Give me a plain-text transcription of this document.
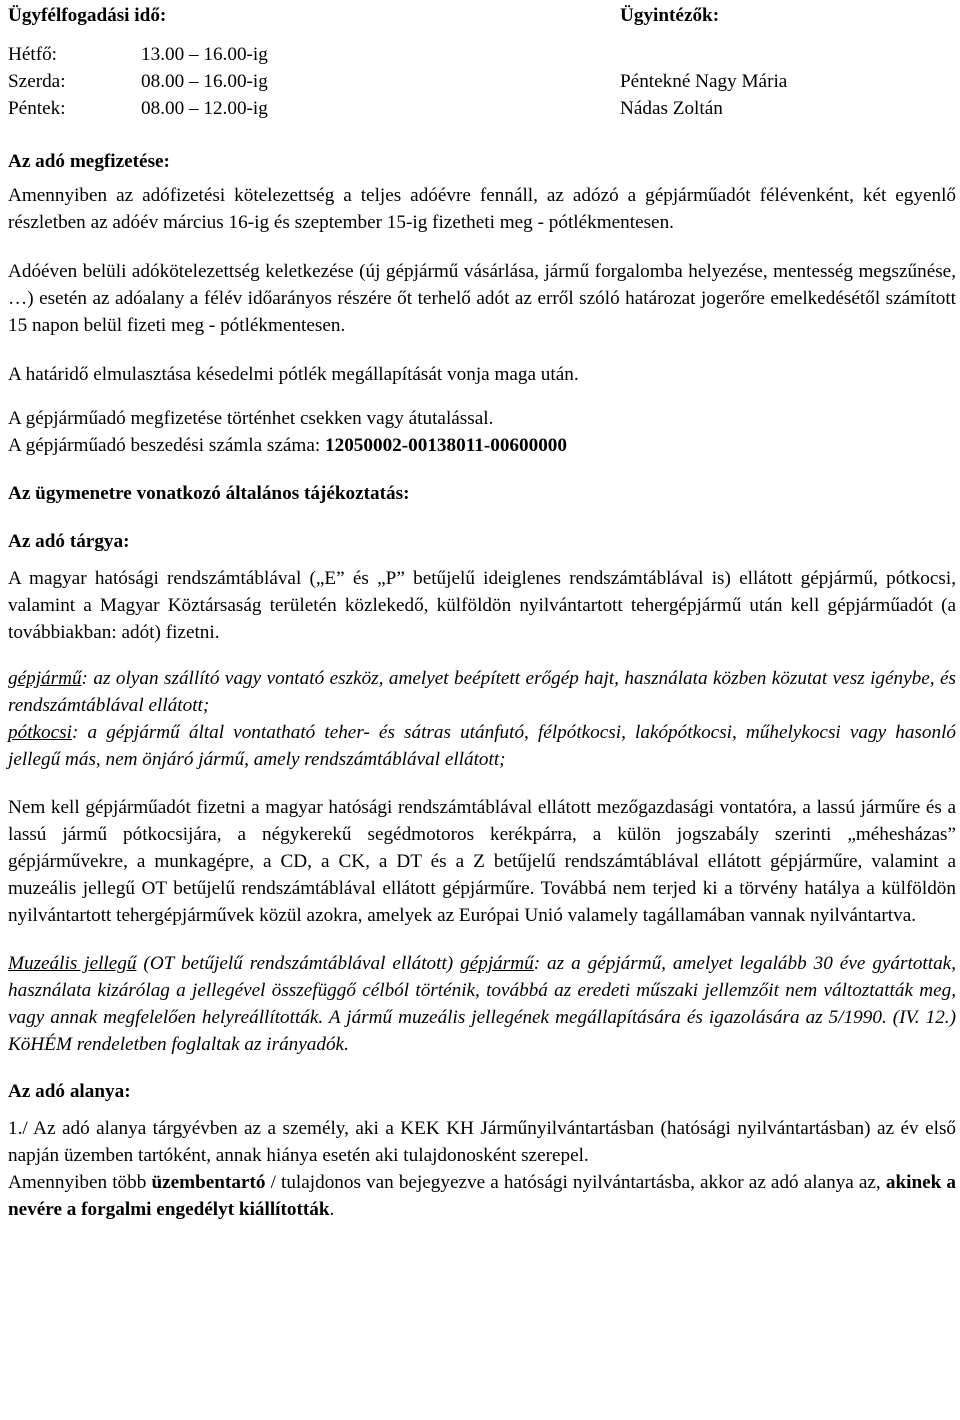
Ügyfélfogadási idő:
Hétfő:	13.00 – 16.00-ig
Szerda:	08.00 – 16.00-ig
Péntek:	08.00 – 12.00-ig
Ügyintézők:

Péntekné Nagy Mária
Nádas Zoltán

Az adó megfizetése:

Amennyiben az adófizetési kötelezettség a teljes adóévre fennáll, az adózó a gépjárműadót félévenként, két egyenlő részletben az adóév március 16-ig és szeptember 15-ig fizetheti meg - pótlékmentesen.

Adóéven belüli adókötelezettség keletkezése (új gépjármű vásárlása, jármű forgalomba helyezése, mentesség megszűnése, …) esetén az adóalany a félév időarányos részére őt terhelő adót az erről szóló határozat jogerőre emelkedésétől számított 15 napon belül fizeti meg - pótlékmentesen.

A határidő elmulasztása késedelmi pótlék megállapítását vonja maga után.

A gépjárműadó megfizetése történhet csekken vagy átutalással.

A gépjárműadó beszedési számla száma: 12050002-00138011-00600000

Az ügymenetre vonatkozó általános tájékoztatás:

Az adó tárgya:

A magyar hatósági rendszámtáblával („E” és „P” betűjelű ideiglenes rendszámtáblával is) ellátott gépjármű, pótkocsi, valamint a Magyar Köztársaság területén közlekedő, külföldön nyilvántartott tehergépjármű után kell gépjárműadót (a továbbiakban: adót) fizetni.

gépjármű: az olyan szállító vagy vontató eszköz, amelyet beépített erőgép hajt, használata közben közutat vesz igénybe, és rendszámtáblával ellátott;

pótkocsi: a gépjármű által vontatható teher- és sátras utánfutó, félpótkocsi, lakópótkocsi, műhelykocsi vagy hasonló jellegű más, nem önjáró jármű, amely rendszámtáblával ellátott;

Nem kell gépjárműadót fizetni a magyar hatósági rendszámtáblával ellátott mezőgazdasági vontatóra, a lassú járműre és a lassú jármű pótkocsijára, a négykerekű segédmotoros kerékpárra, a külön jogszabály szerinti „méhesházas” gépjárművekre, a munkagépre, a CD, a CK, a DT és a Z betűjelű rendszámtáblával ellátott gépjárműre, valamint a muzeális jellegű OT betűjelű rendszámtáblával ellátott gépjárműre. Továbbá nem terjed ki a törvény hatálya a külföldön nyilvántartott tehergépjárművek közül azokra, amelyek az Európai Unió valamely tagállamában vannak nyilvántartva.

Muzeális jellegű (OT betűjelű rendszámtáblával ellátott) gépjármű: az a gépjármű, amelyet legalább 30 éve gyártottak, használata kizárólag a jellegével összefüggő célból történik, továbbá az eredeti műszaki jellemzőit nem változtatták meg, vagy annak megfelelően helyreállították. A jármű muzeális jellegének megállapítására és igazolására az 5/1990. (IV. 12.) KöHÉM rendeletben foglaltak az irányadók.

Az adó alanya:

1./ Az adó alanya tárgyévben az a személy, aki a KEK KH Járműnyilvántartásban (hatósági nyilvántartásban) az év első napján üzemben tartóként, annak hiánya esetén aki tulajdonosként szerepel.

Amennyiben több üzembentartó / tulajdonos van bejegyezve a hatósági nyilvántartásba, akkor az adó alanya az, akinek a nevére a forgalmi engedélyt kiállították.
